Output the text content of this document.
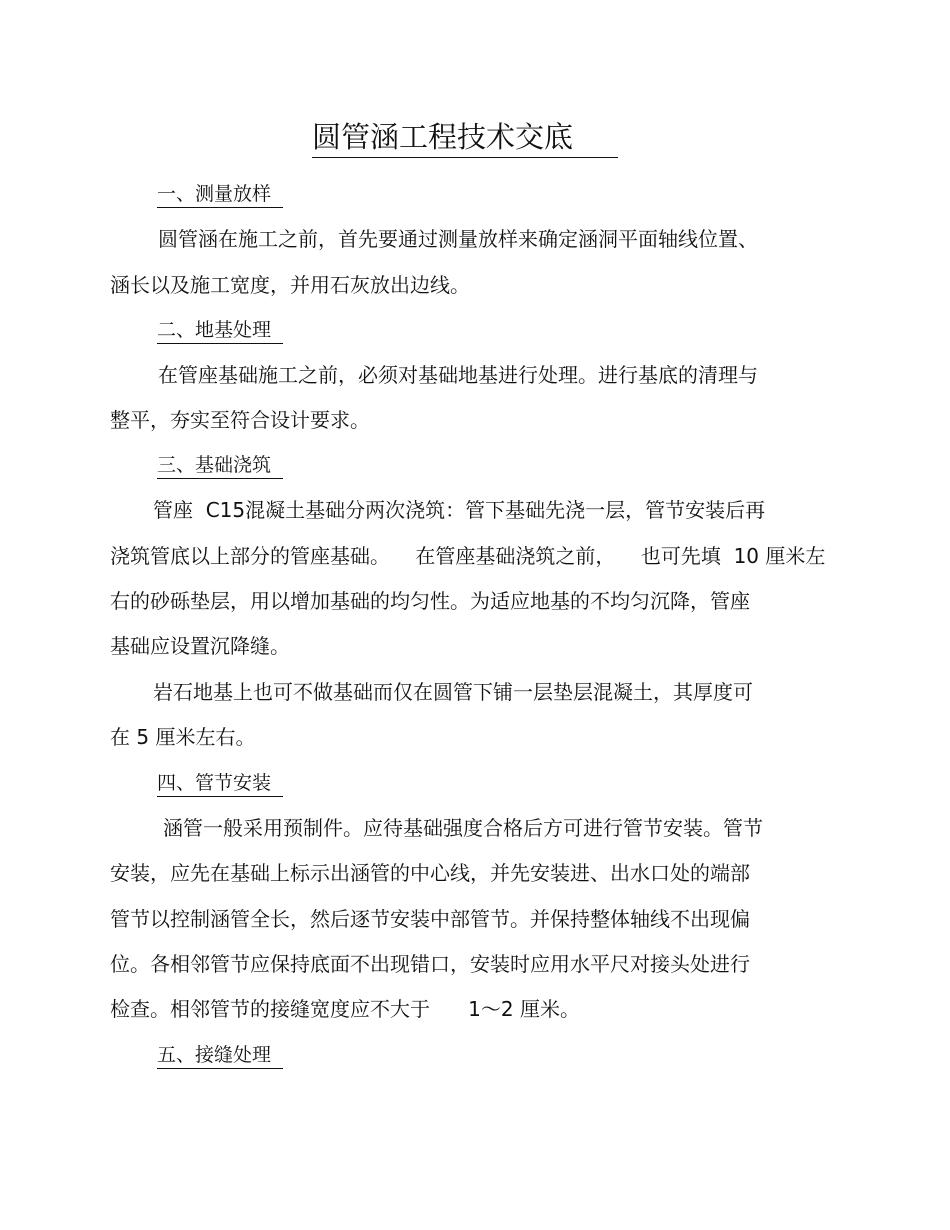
圆管涵工程技术交底
一、测量放样
圆管涵在施工之前，首先要通过测量放样来确定涵洞平面轴线位置、
涵长以及施工宽度，并用石灰放出边线。
二、地基处理
在管座基础施工之前，必须对基础地基进行处理。进行基底的清理与
整平，夯实至符合设计要求。
三、基础浇筑
管座  C15混凝土基础分两次浇筑：管下基础先浇一层，管节安装后再
浇筑管底以上部分的管座基础。    在管座基础浇筑之前，    也可先填  10 厘米左
右的砂砾垫层，用以增加基础的均匀性。为适应地基的不均匀沉降，管座
基础应设置沉降缝。
岩石地基上也可不做基础而仅在圆管下铺一层垫层混凝土，其厚度可
在 5 厘米左右。
四、管节安装
涵管一般采用预制件。应待基础强度合格后方可进行管节安装。管节
安装，应先在基础上标示出涵管的中心线，并先安装进、出水口处的端部
管节以控制涵管全长，然后逐节安装中部管节。并保持整体轴线不出现偏
位。各相邻管节应保持底面不出现错口，安装时应用水平尺对接头处进行
检查。相邻管节的接缝宽度应不大于      1～2 厘米。
五、接缝处理
